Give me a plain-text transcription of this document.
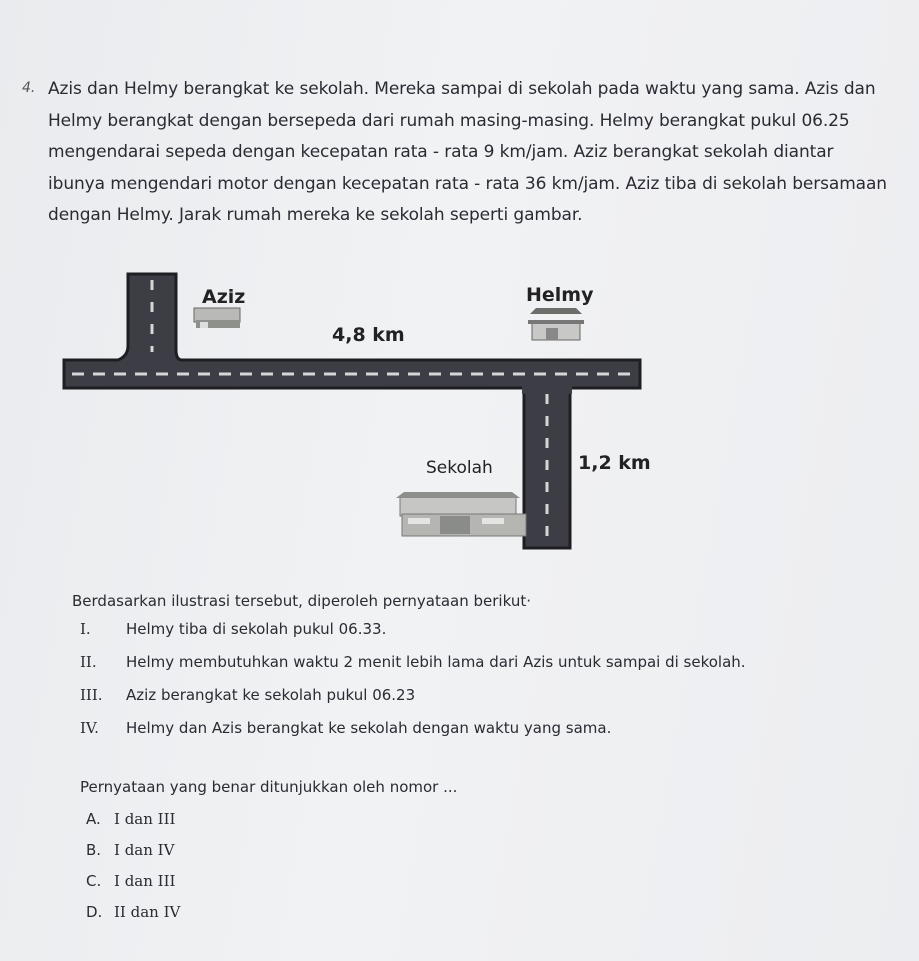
4. Azis dan Helmy berangkat ke sekolah. Mereka sampai di sekolah pada waktu yang sama. Azis dan Helmy berangkat dengan bersepeda dari rumah masing-masing. Helmy berangkat pukul 06.25 mengendarai sepeda dengan kecepatan rata - rata 9 km/jam. Aziz berangkat sekolah diantar ibunya mengendari motor dengan kecepatan rata - rata 36 km/jam. Aziz tiba di sekolah bersamaan dengan Helmy. Jarak rumah mereka ke sekolah seperti gambar.
Aziz	Helmy
4,8 km
Sekolah	1,2 km
Berdasarkan ilustrasi tersebut, diperoleh pernyataan berikut·
I. Helmy tiba di sekolah pukul 06.33.
II. Helmy membutuhkan waktu 2 menit lebih lama dari Azis untuk sampai di sekolah.
III. Aziz berangkat ke sekolah pukul 06.23
IV. Helmy dan Azis berangkat ke sekolah dengan waktu yang sama.
Pernyataan yang benar ditunjukkan oleh nomor ...
A. I dan III
B. I dan IV
C. I dan III
D. II dan IV
